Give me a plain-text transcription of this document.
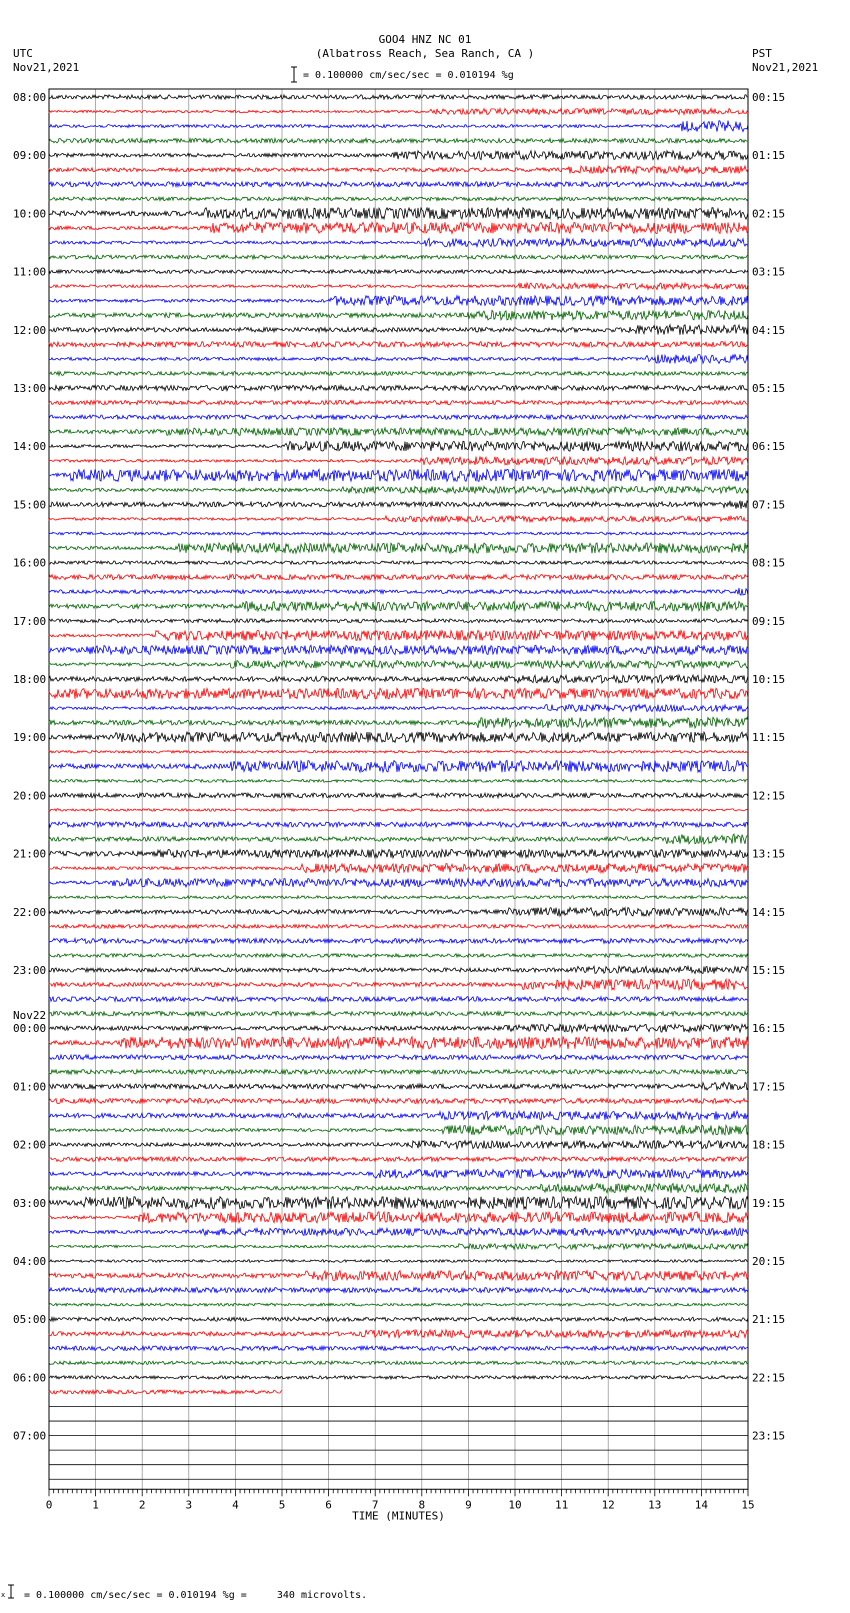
GOO4 HNZ NC 01
(Albatross Reach, Sea Ranch, CA )
UTC
Nov21,2021
PST
Nov21,2021
= 0.100000 cm/sec/sec = 0.010194 %g
0	1	2	3	4	5	6	7	8	9	10	11	12	13	14	15
TIME (MINUTES)
08:00
09:00
10:00
11:00
12:00
13:00
14:00
15:00
16:00
17:00
18:00
19:00
20:00
21:00
22:00
23:00
00:00
01:00
02:00
03:00
04:00
05:00
06:00
07:00
Nov22
00:15
01:15
02:15
03:15
04:15
05:15
06:15
07:15
08:15
09:15
10:15
11:15
12:15
13:15
14:15
15:15
16:15
17:15
18:15
19:15
20:15
21:15
22:15
23:15
x = 0.100000 cm/sec/sec = 0.010194 %g =     340 microvolts.
